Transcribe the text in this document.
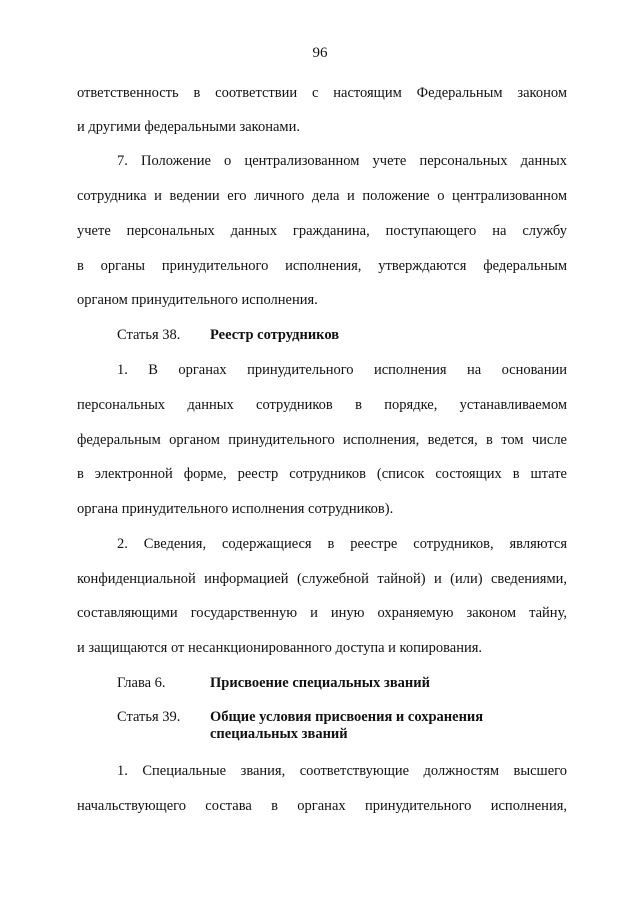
96
ответственность в соответствии с настоящим Федеральным законом
и другими федеральными законами.
7. Положение о централизованном учете персональных данных
сотрудника и ведении его личного дела и положение о централизованном
учете персональных данных гражданина, поступающего на службу
в органы принудительного исполнения, утверждаются федеральным
органом принудительного исполнения.
Статья 38. Реестр сотрудников
1. В органах принудительного исполнения на основании
персональных данных сотрудников в порядке, устанавливаемом
федеральным органом принудительного исполнения, ведется, в том числе
в электронной форме, реестр сотрудников (список состоящих в штате
органа принудительного исполнения сотрудников).
2. Сведения, содержащиеся в реестре сотрудников, являются
конфиденциальной информацией (служебной тайной) и (или) сведениями,
составляющими государственную и иную охраняемую законом тайну,
и защищаются от несанкционированного доступа и копирования.
Глава 6.	Присвоение специальных званий
Статья 39. Общие условия присвоения и сохранения
специальных званий
1. Специальные звания, соответствующие должностям высшего
начальствующего состава в органах принудительного исполнения,
